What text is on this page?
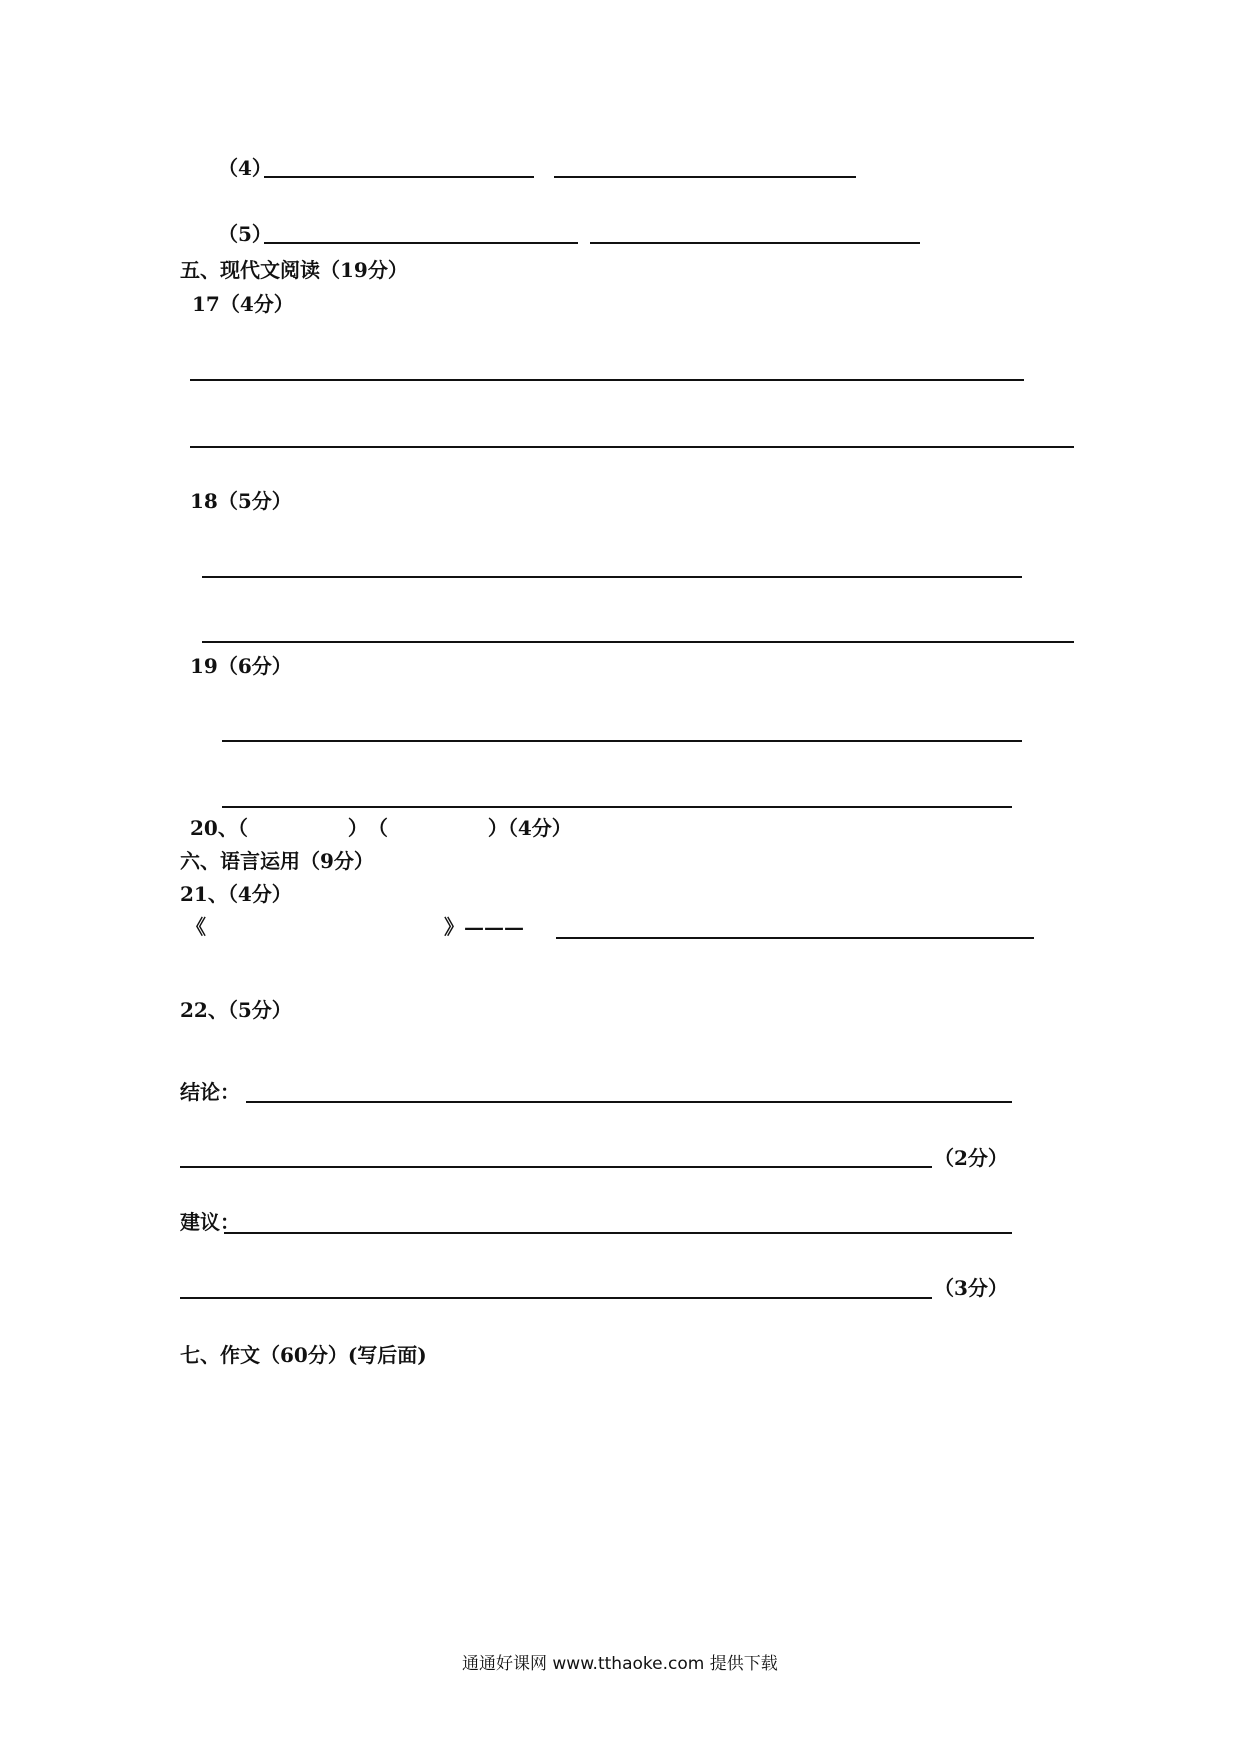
（4）
（5）
五、现代文阅读（19分）
17（4分）
18（5分）
19（6分）
20、（　　　　　）　（　　　　　）（4分）
六、语言运用（9分）
21、（4分）
《	》———
22、（5分）
结论：
（2分）
建议：
（3分）
七、作文（60分）(写后面)
通通好课网 www.tthaoke.com 提供下载
